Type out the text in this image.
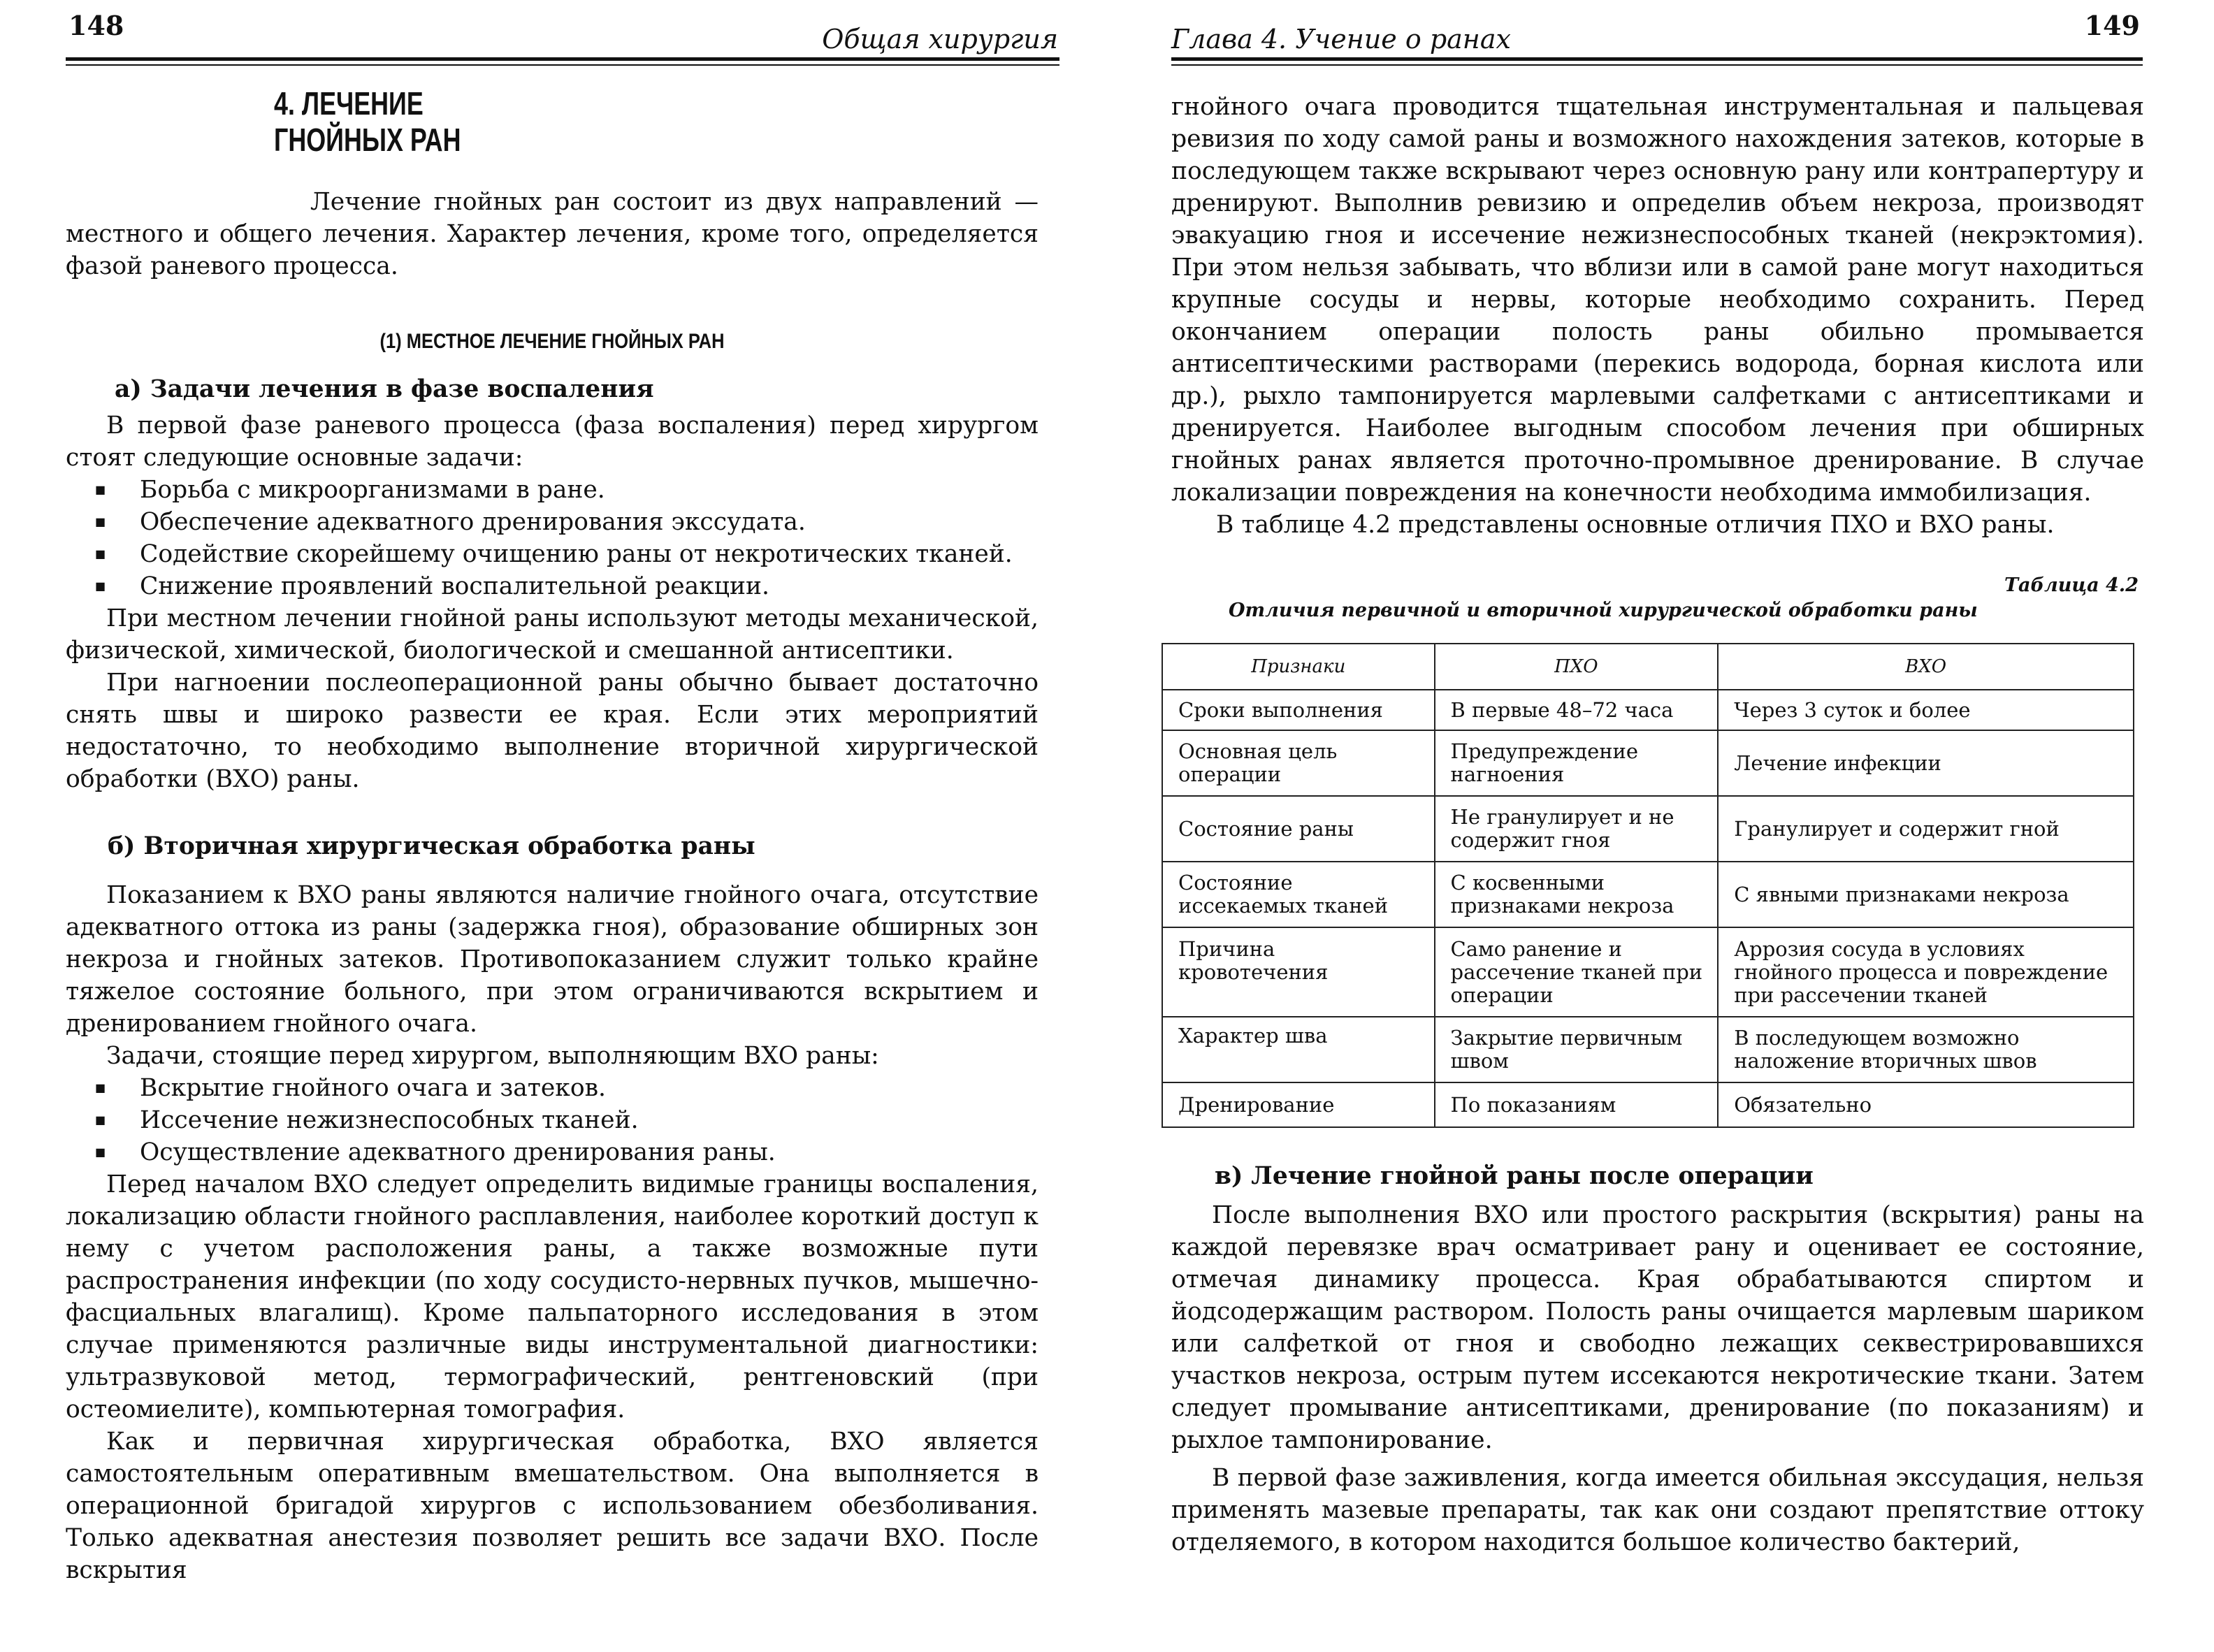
148	Общая хирургия
4. ЛЕЧЕНИЕ
ГНОЙНЫХ РАН

Лечение гнойных ран состоит из двух направлений — местного и общего лечения. Характер лечения, кроме того, определяется фазой раневого процесса.

(1) МЕСТНОЕ ЛЕЧЕНИЕ ГНОЙНЫХ РАН

а) Задачи лечения в фазе воспаления

В первой фазе раневого процесса (фаза воспаления) перед хирургом стоят следующие основные задачи:

■ Борьба с микроорганизмами в ране.
■ Обеспечение адекватного дренирования экссудата.
■ Содействие скорейшему очищению раны от некротических тканей.
■ Снижение проявлений воспалительной реакции.

При местном лечении гнойной раны используют методы механической, физической, химической, биологической и смешанной антисептики.

При нагноении послеоперационной раны обычно бывает достаточно снять швы и широко развести ее края. Если этих мероприятий недостаточно, то необходимо выполнение вторичной хирургической обработки (ВХО) раны.

б) Вторичная хирургическая обработка раны

Показанием к ВХО раны являются наличие гнойного очага, отсутствие адекватного оттока из раны (задержка гноя), образование обширных зон некроза и гнойных затеков. Противопоказанием служит только крайне тяжелое состояние больного, при этом ограничиваются вскрытием и дренированием гнойного очага.

Задачи, стоящие перед хирургом, выполняющим ВХО раны:

■ Вскрытие гнойного очага и затеков.
■ Иссечение нежизнеспособных тканей.
■ Осуществление адекватного дренирования раны.

Перед началом ВХО следует определить видимые границы воспаления, локализацию области гнойного расплавления, наиболее короткий доступ к нему с учетом расположения раны, а также возможные пути распространения инфекции (по ходу сосудисто-нервных пучков, мышечно-фасциальных влагалищ). Кроме пальпаторного исследования в этом случае применяются различные виды инструментальной диагностики: ультразвуковой метод, термографический, рентгеновский (при остеомиелите), компьютерная томография.

Как и первичная хирургическая обработка, ВХО является самостоятельным оперативным вмешательством. Она выполняется в операционной бригадой хирургов с использованием обезболивания. Только адекватная анестезия позволяет решить все задачи ВХО. После вскрытия

Глава 4. Учение о ранах	149

гнойного очага проводится тщательная инструментальная и пальцевая ревизия по ходу самой раны и возможного нахождения затеков, которые в последующем также вскрывают через основную рану или контрапертуру и дренируют. Выполнив ревизию и определив объем некроза, производят эвакуацию гноя и иссечение нежизнеспособных тканей (некрэктомия). При этом нельзя забывать, что вблизи или в самой ране могут находиться крупные сосуды и нервы, которые необходимо сохранить. Перед окончанием операции полость раны обильно промывается антисептическими растворами (перекись водорода, борная кислота или др.), рыхло тампонируется марлевыми салфетками с антисептиками и дренируется. Наиболее выгодным способом лечения при обширных гнойных ранах является проточно-промывное дренирование. В случае локализации повреждения на конечности необходима иммобилизация.

В таблице 4.2 представлены основные отличия ПХО и ВХО раны.

Таблица 4.2
Отличия первичной и вторичной хирургической обработки раны
Признаки	ПХО	ВХО
Сроки выполнения	В первые 48–72 часа	Через 3 суток и более
Основная цель операции	Предупреждение нагноения	Лечение инфекции
Состояние раны	Не гранулирует и не содержит гноя	Гранулирует и содержит гной
Состояние иссекаемых тканей	С косвенными признаками некроза	С явными признаками некроза
Причина кровотечения	Само ранение и рассечение тканей при операции	Аррозия сосуда в условиях гнойного процесса и повреждение при рассечении тканей
Характер шва	Закрытие первичным швом	В последующем возможно наложение вторичных швов
Дренирование	По показаниям	Обязательно

в) Лечение гнойной раны после операции

После выполнения ВХО или простого раскрытия (вскрытия) раны на каждой перевязке врач осматривает рану и оценивает ее состояние, отмечая динамику процесса. Края обрабатываются спиртом и йодсодержащим раствором. Полость раны очищается марлевым шариком или салфеткой от гноя и свободно лежащих секвестрировавшихся участков некроза, острым путем иссекаются некротические ткани. Затем следует промывание антисептиками, дренирование (по показаниям) и рыхлое тампонирование.

В первой фазе заживления, когда имеется обильная экссудация, нельзя применять мазевые препараты, так как они создают препятствие оттоку отделяемого, в котором находится большое количество бактерий,
